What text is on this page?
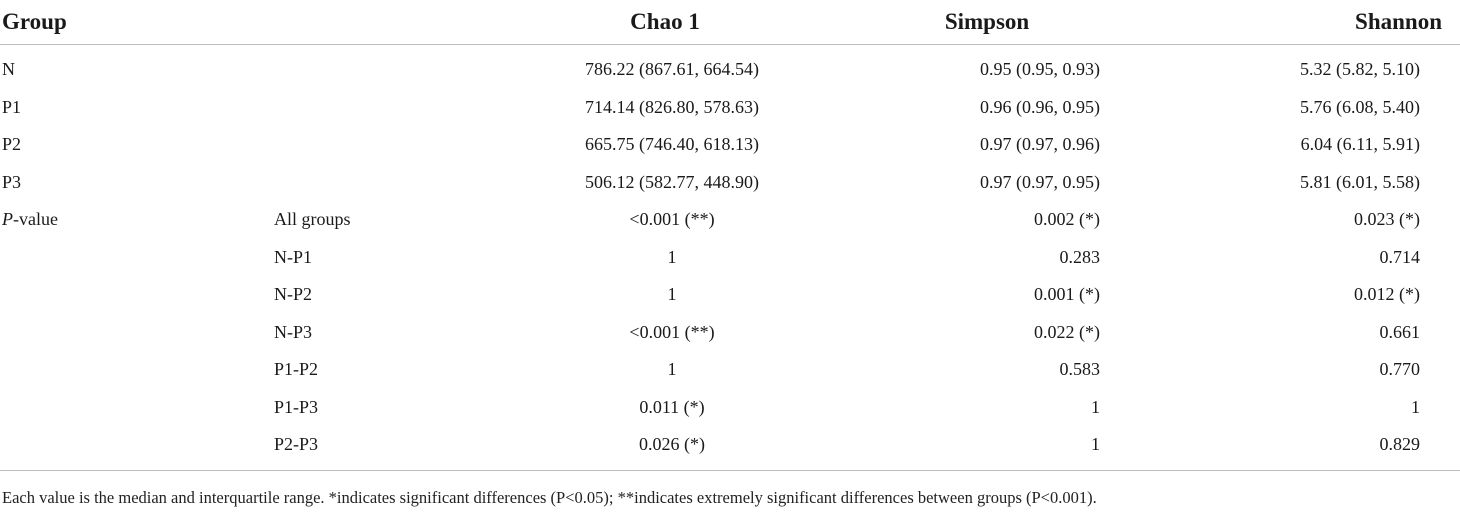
Group		Chao 1	Simpson	Shannon
N		786.22 (867.61, 664.54)	0.95 (0.95, 0.93)	5.32 (5.82, 5.10)
P1		714.14 (826.80, 578.63)	0.96 (0.96, 0.95)	5.76 (6.08, 5.40)
P2		665.75 (746.40, 618.13)	0.97 (0.97, 0.96)	6.04 (6.11, 5.91)
P3		506.12 (582.77, 448.90)	0.97 (0.97, 0.95)	5.81 (6.01, 5.58)
P-value	All groups	<0.001 (**)	0.002 (*)	0.023 (*)
	N-P1	1	0.283	0.714
	N-P2	1	0.001 (*)	0.012 (*)
	N-P3	<0.001 (**)	0.022 (*)	0.661
	P1-P2	1	0.583	0.770
	P1-P3	0.011 (*)	1	1
	P2-P3	0.026 (*)	1	0.829
Each value is the median and interquartile range. *indicates significant differences (P<0.05); **indicates extremely significant differences between groups (P<0.001).
